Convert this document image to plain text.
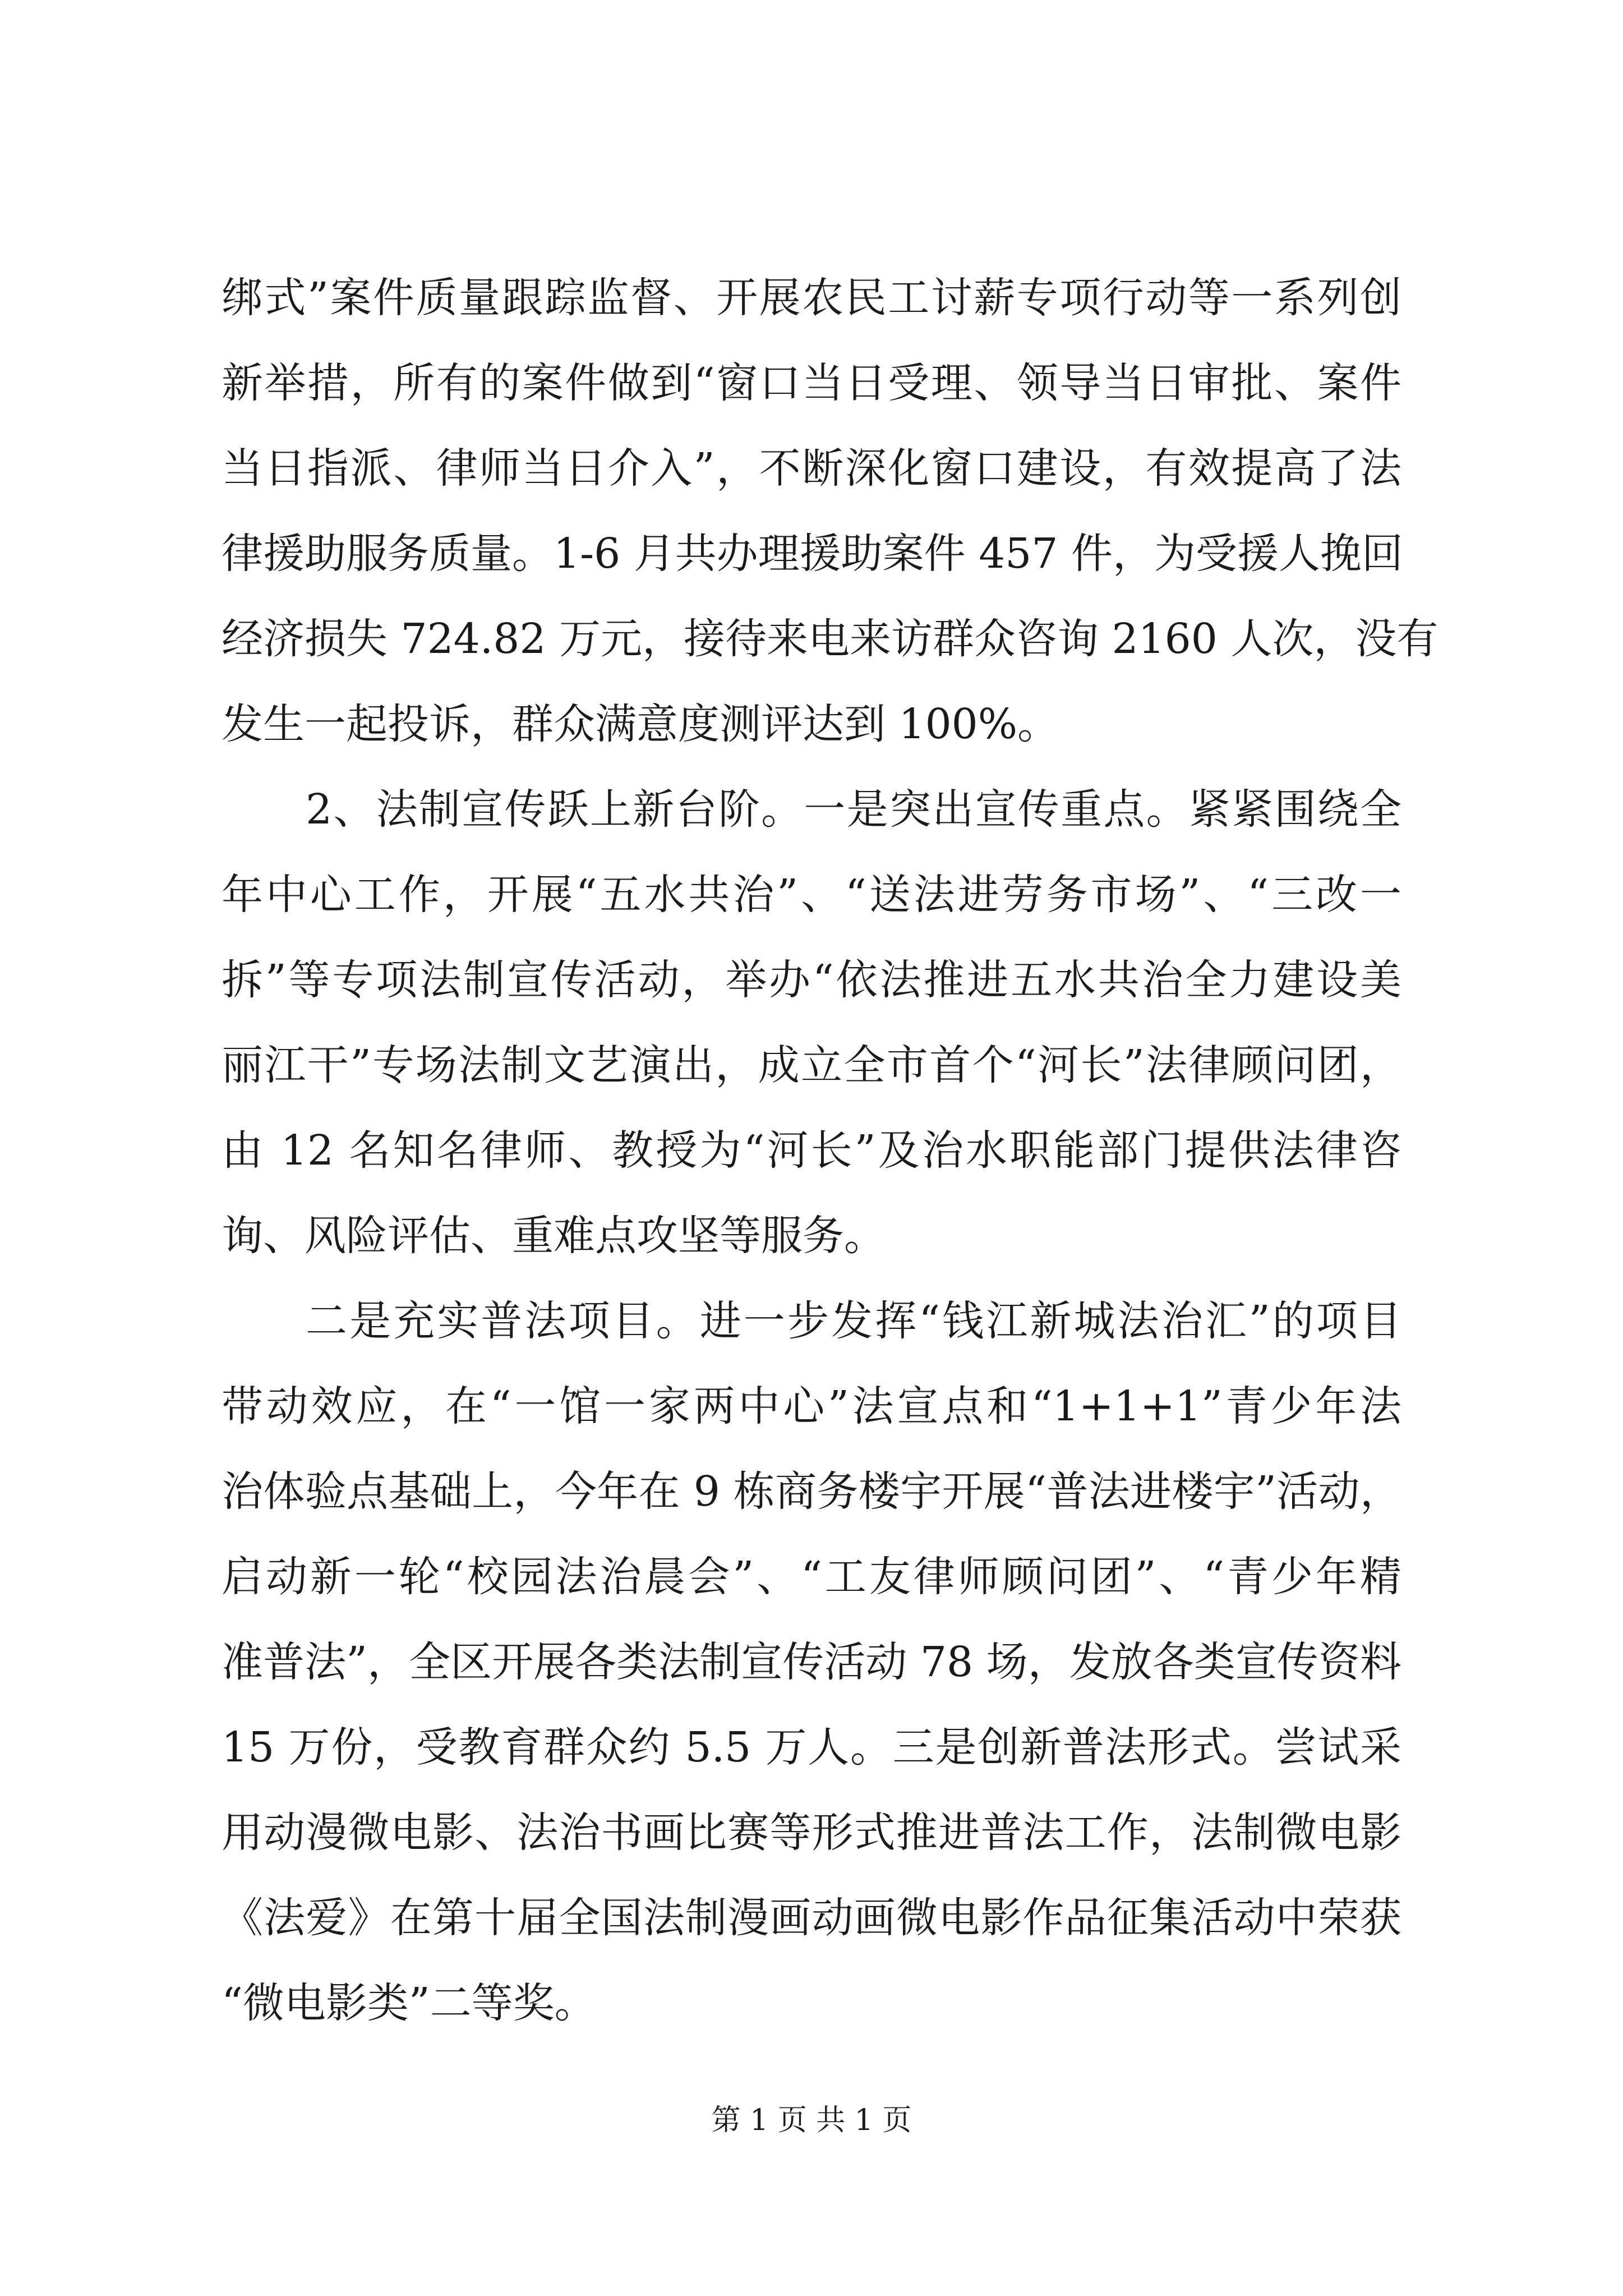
绑式”案件质量跟踪监督、开展农民工讨薪专项行动等一系列创
新举措，所有的案件做到“窗口当日受理、领导当日审批、案件
当日指派、律师当日介入”，不断深化窗口建设，有效提高了法
律援助服务质量。1-6 月共办理援助案件 457 件，为受援人挽回
经济损失 724.82 万元，接待来电来访群众咨询 2160 人次，没有
发生一起投诉，群众满意度测评达到 100%。
2、法制宣传跃上新台阶。一是突出宣传重点。紧紧围绕全
年中心工作，开展“五水共治”、“送法进劳务市场”、“三改一
拆”等专项法制宣传活动，举办“依法推进五水共治全力建设美
丽江干”专场法制文艺演出，成立全市首个“河长”法律顾问团，
由 12 名知名律师、教授为“河长”及治水职能部门提供法律咨
询、风险评估、重难点攻坚等服务。
二是充实普法项目。进一步发挥“钱江新城法治汇”的项目
带动效应，在“一馆一家两中心”法宣点和“1+1+1”青少年法
治体验点基础上，今年在 9 栋商务楼宇开展“普法进楼宇”活动，
启动新一轮“校园法治晨会”、“工友律师顾问团”、“青少年精
准普法”，全区开展各类法制宣传活动 78 场，发放各类宣传资料
15 万份，受教育群众约 5.5 万人。三是创新普法形式。尝试采
用动漫微电影、法治书画比赛等形式推进普法工作，法制微电影
《法爱》在第十届全国法制漫画动画微电影作品征集活动中荣获
“微电影类”二等奖。
第 1 页 共 1 页
